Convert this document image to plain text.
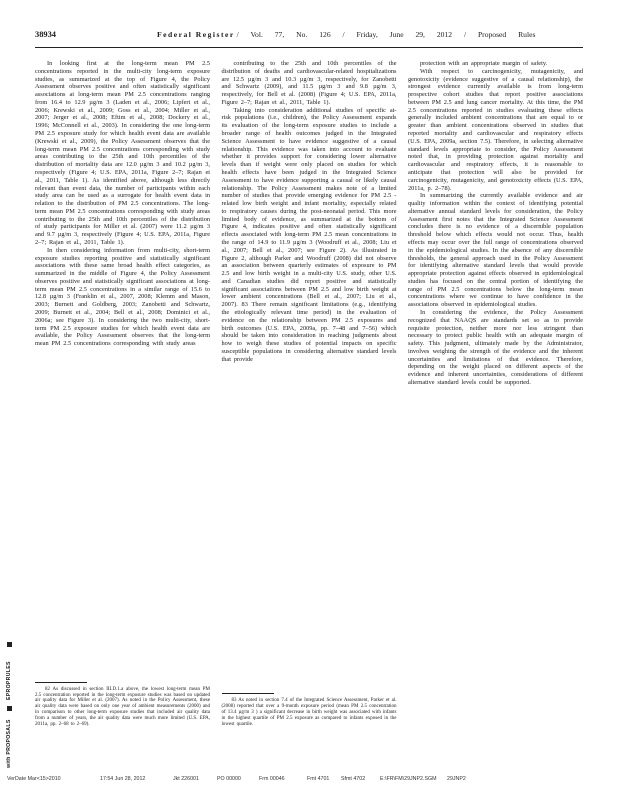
38934	Federal Register / Vol. 77, No. 126 / Friday, June 29, 2012 / Proposed Rules

In looking first at the long-term mean PM 2.5 concentrations reported in the multi-city long-term exposure studies, as summarized at the top of Figure 4, the Policy Assessment observes positive and often statistically significant associations at long-term mean PM 2.5 concentrations ranging from 16.4 to 12.9 µg/m 3 (Laden et al., 2006; Lipfert et al., 2006; Krewski et al., 2009; Goss et al., 2004; Miller et al., 2007; Jerger et al., 2008; Eftim et al., 2008; Dockery et al., 1996; McConnell et al., 2003). In considering the one long-term PM 2.5 exposure study for which health event data are available (Krewski et al., 2009), the Policy Assessment observes that the long-term mean PM 2.5 concentrations corresponding with study areas contributing to the 25th and 10th percentiles of the distribution of mortality data are 12.0 µg/m 3 and 10.2 µg/m 3, respectively (Figure 4; U.S. EPA, 2011a, Figure 2–7; Rajan et al., 2011, Table 1). As identified above, although less directly relevant than event data, the number of participants within each study area can be used as a surrogate for health event data in relation to the distribution of PM 2.5 concentrations. The long-term mean PM 2.5 concentrations corresponding with study areas contributing to the 25th and 10th percentiles of the distribution of study participants for Miller et al. (2007) were 11.2 µg/m 3 and 9.7 µg/m 3, respectively (Figure 4; U.S. EPA, 2011a, Figure 2–7; Rajan et al., 2011, Table 1).

In then considering information from multi-city, short-term exposure studies reporting positive and statistically significant associations with these same broad health effect categories, as summarized in the middle of Figure 4, the Policy Assessment observes positive and statistically significant associations at long-term mean PM 2.5 concentrations in a similar range of 15.6 to 12.8 µg/m 3 (Franklin et al., 2007, 2008; Klemm and Mason, 2003; Burnett and Goldberg, 2003; Zanobetti and Schwartz, 2009; Burnett et al., 2004; Bell et al., 2008; Dominici et al., 2006a; see Figure 3). In considering the two multi-city, short-term PM 2.5 exposure studies for which health event data are available, the Policy Assessment observes that the long-term mean PM 2.5 concentrations corresponding with study areas

82 As discussed in section III.D.1.a above, the lowest long-term mean PM 2.5 concentration reported in the long-term exposure studies was based on updated air quality data for Miller et al. (2007). As noted in the Policy Assessment, these air quality data were based on only one year of ambient measurements (2000) and in comparison to other long-term exposure studies that included air quality data from a number of years, the air quality data were much more limited (U.S. EPA, 2011a, pp. 2–68 to 2–69).

contributing to the 25th and 10th percentiles of the distribution of deaths and cardiovascular-related hospitalizations are 12.5 µg/m 3 and 10.3 µg/m 3, respectively, for Zanobetti and Schwartz (2009), and 11.5 µg/m 3 and 9.8 µg/m 3, respectively, for Bell et al. (2008) (Figure 4; U.S. EPA, 2011a, Figure 2–7; Rajan et al., 2011, Table 1).

Taking into consideration additional studies of specific at-risk populations (i.e., children), the Policy Assessment expands its evaluation of the long-term exposure studies to include a broader range of health outcomes judged in the Integrated Science Assessment to have evidence suggestive of a causal relationship. This evidence was taken into account to evaluate whether it provides support for considering lower alternative levels than if weight were only placed on studies for which health effects have been judged in the Integrated Science Assessment to have evidence supporting a causal or likely causal relationship. The Policy Assessment makes note of a limited number of studies that provide emerging evidence for PM 2.5 -related low birth weight and infant mortality, especially related to respiratory causes during the post-neonatal period. This more limited body of evidence, as summarized at the bottom of Figure 4, indicates positive and often statistically significant effects associated with long-term PM 2.5 mean concentrations in the range of 14.9 to 11.9 µg/m 3 (Woodruff et al., 2008; Liu et al., 2007; Bell et al., 2007; see Figure 2). As illustrated in Figure 2, although Parker and Woodruff (2008) did not observe an association between quarterly estimates of exposure to PM 2.5 and low birth weight in a multi-city U.S. study, other U.S. and Canadian studies did report positive and statistically significant associations between PM 2.5 and low birth weight at lower ambient concentrations (Bell et al., 2007; Liu et al., 2007). 83 There remain significant limitations (e.g., identifying the etiologically relevant time period) in the evaluation of evidence on the relationship between PM 2.5 exposures and birth outcomes (U.S. EPA, 2009a, pp. 7–48 and 7–56) which should be taken into consideration in reaching judgments about how to weigh these studies of potential impacts on specific susceptible populations in considering alternative standard levels that provide

83 As noted in section 7.4 of the Integrated Science Assessment, Parker et al. (2008) reported that over a 9-month exposure period (mean PM 2.5 concentration of 13.4 µg/m 3 ) a significant decrease in birth weight was associated with infants in the highest quartile of PM 2.5 exposure as compared to infants exposed in the lowest quartile.

protection with an appropriate margin of safety.

With respect to carcinogenicity, mutagenicity, and genotoxicity (evidence suggestive of a causal relationship), the strongest evidence currently available is from long-term prospective cohort studies that report positive associations between PM 2.5 and lung cancer mortality. At this time, the PM 2.5 concentrations reported in studies evaluating these effects generally included ambient concentrations that are equal to or greater than ambient concentrations observed in studies that reported mortality and cardiovascular and respiratory effects (U.S. EPA, 2009a, section 7.5). Therefore, in selecting alternative standard levels appropriate to consider, the Policy Assessment noted that, in providing protection against mortality and cardiovascular and respiratory effects, it is reasonable to anticipate that protection will also be provided for carcinogenicity, mutagenicity, and genotoxicity effects (U.S. EPA, 2011a, p. 2–78).

In summarizing the currently available evidence and air quality information within the context of identifying potential alternative annual standard levels for consideration, the Policy Assessment first notes that the Integrated Science Assessment concludes there is no evidence of a discernible population threshold below which effects would not occur. Thus, health effects may occur over the full range of concentrations observed in the epidemiological studies. In the absence of any discernible thresholds, the general approach used in the Policy Assessment for identifying alternative standard levels that would provide appropriate protection against effects observed in epidemiological studies has focused on the central portion of identifying the range of PM 2.5 concentrations below the long-term mean concentrations where we continue to have confidence in the associations observed in epidemiological studies.

In considering the evidence, the Policy Assessment recognized that NAAQS are standards set so as to provide requisite protection, neither more nor less stringent than necessary to protect public health with an adequate margin of safety. This judgment, ultimately made by the Administrator, involves weighing the strength of the evidence and the inherent uncertainties and limitations of that evidence. Therefore, depending on the weight placed on different aspects of the evidence and inherent uncertainties, considerations of different alternative standard levels could be supported.

EPROPRULES
with PROPOSALS
VerDate Mar<15>2010	17:54 Jun 28, 2012	Jkt 226001	PO 00000	Frm 00046	Fmt 4701 Sfmt 4702	E:\FR\FM\29JNP2.SGM 29JNP2
